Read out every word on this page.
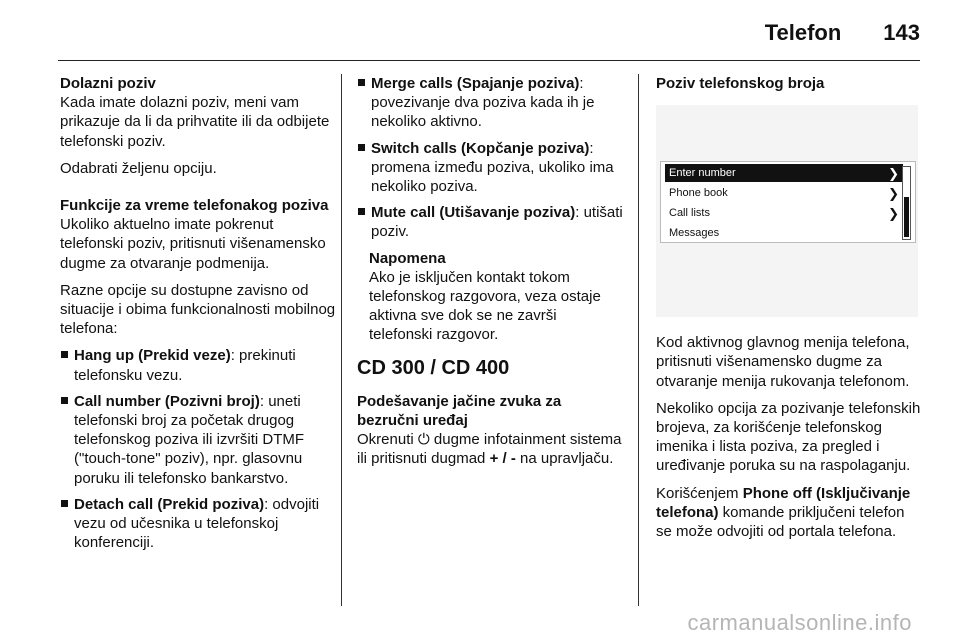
Telefon 143
Dolazni poziv

Kada imate dolazni poziv, meni vam prikazuje da li da prihvatite ili da odbijete telefonski poziv.

Odabrati željenu opciju.

Funkcije za vreme telefonakog poziva

Ukoliko aktuelno imate pokrenut telefonski poziv, pritisnuti višenamensko dugme za otvaranje podmenija.

Razne opcije su dostupne zavisno od situacije i obima funkcionalnosti mobilnog telefona:

Hang up (Prekid veze): prekinuti telefonsku vezu.
Call number (Pozivni broj): uneti telefonski broj za početak drugog telefonskog poziva ili izvršiti DTMF ("touch-tone" poziv), npr. glasovnu poruku ili telefonsko bankarstvo.
Detach call (Prekid poziva): odvojiti vezu od učesnika u telefonskoj konferenciji.
Merge calls (Spajanje poziva): povezivanje dva poziva kada ih je nekoliko aktivno.
Switch calls (Kopčanje poziva): promena između poziva, ukoliko ima nekoliko poziva.
Mute call (Utišavanje poziva): utišati poziv.
Napomena
Ako je isključen kontakt tokom telefonskog razgovora, veza ostaje aktivna sve dok se ne završi telefonski razgovor.
CD 300 / CD 400
Podešavanje jačine zvuka za bezručni uređaj

Okrenuti ⏻ dugme infotainment sistema ili pritisnuti dugmad + / - na upravljaču.

Poziv telefonskog broja
Enter number	❯
Phone book	❯
Call lists	❯
Messages

Kod aktivnog glavnog menija telefona, pritisnuti višenamensko dugme za otvaranje menija rukovanja telefonom.

Nekoliko opcija za pozivanje telefonskih brojeva, za korišćenje telefonskog imenika i lista poziva, za pregled i uređivanje poruka su na raspolaganju.

Korišćenjem Phone off (Isključivanje telefona) komande priključeni telefon se može odvojiti od portala telefona.

carmanualsonline.info
